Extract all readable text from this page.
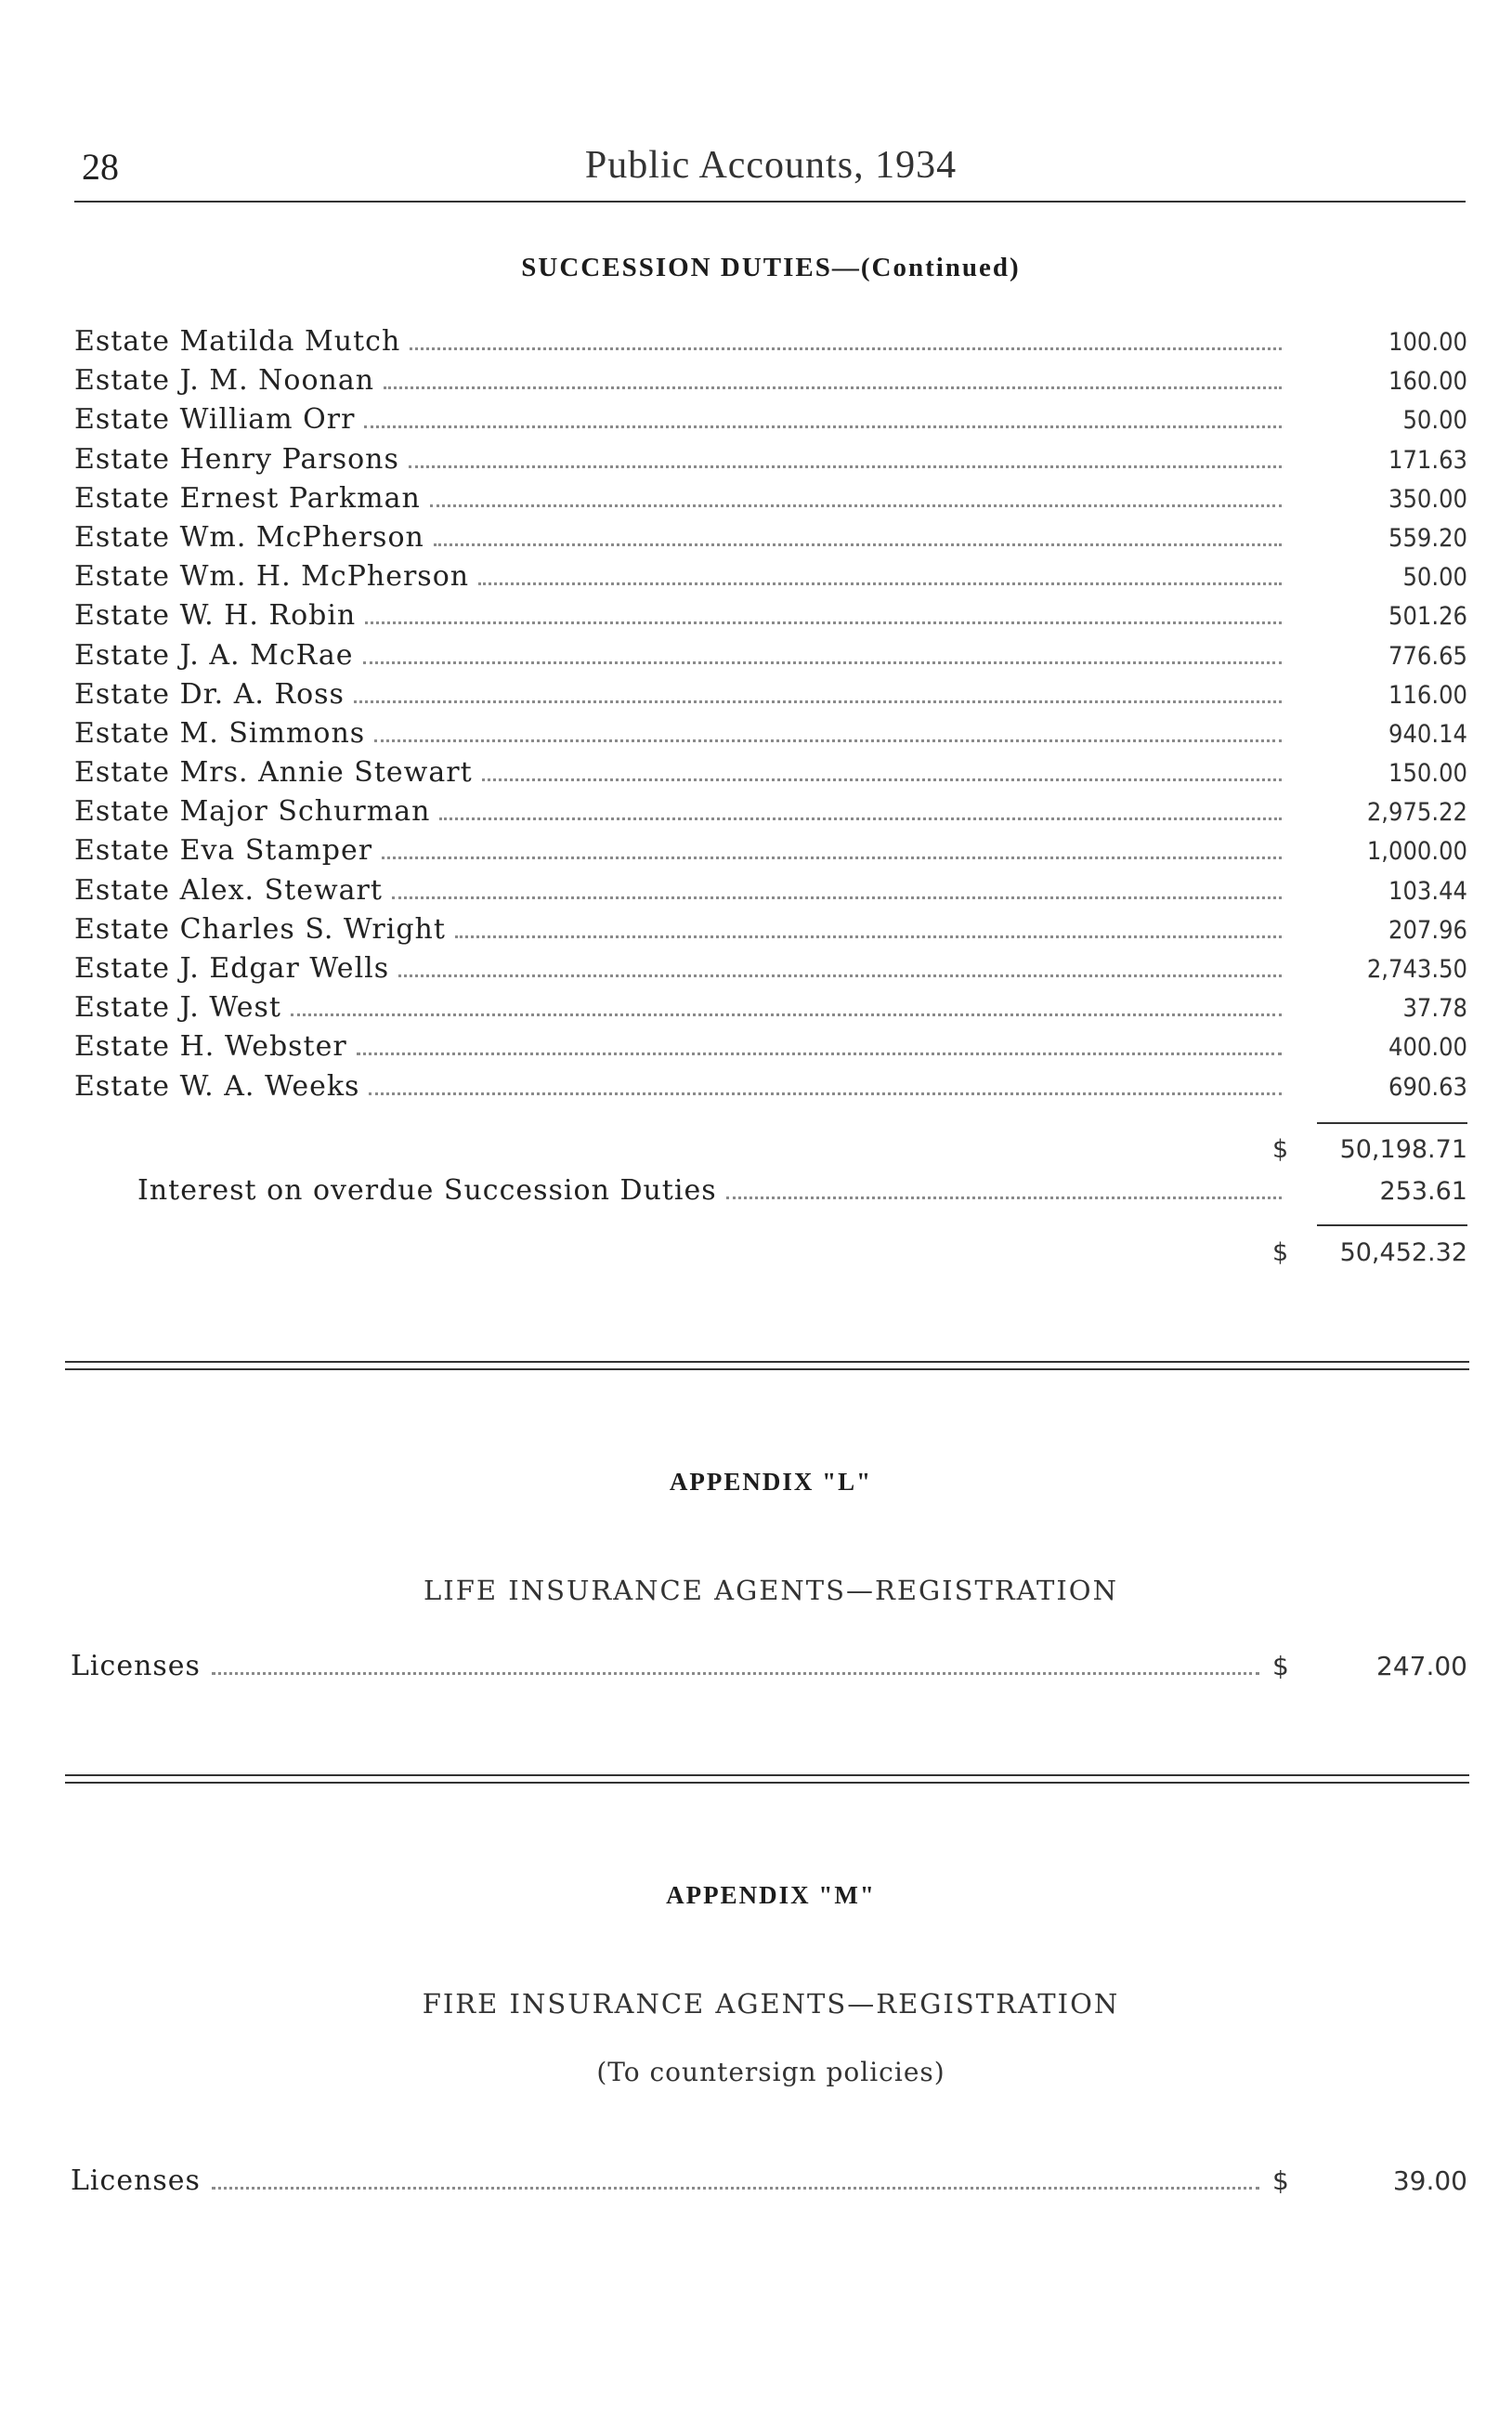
28	Public Accounts, 1934
SUCCESSION DUTIES—(Continued)
Estate Matilda Mutch	100.00
Estate J. M. Noonan	160.00
Estate William Orr	50.00
Estate Henry Parsons	171.63
Estate Ernest Parkman	350.00
Estate Wm. McPherson	559.20
Estate Wm. H. McPherson	50.00
Estate W. H. Robin	501.26
Estate J. A. McRae	776.65
Estate Dr. A. Ross	116.00
Estate M. Simmons	940.14
Estate Mrs. Annie Stewart	150.00
Estate Major Schurman	2,975.22
Estate Eva Stamper	1,000.00
Estate Alex. Stewart	103.44
Estate Charles S. Wright	207.96
Estate J. Edgar Wells	2,743.50
Estate J. West	37.78
Estate H. Webster	400.00
Estate W. A. Weeks	690.63
$	50,198.71
Interest on overdue Succession Duties	253.61
$	50,452.32
APPENDIX "L"
LIFE INSURANCE AGENTS—REGISTRATION
Licenses	$	247.00
APPENDIX "M"
FIRE INSURANCE AGENTS—REGISTRATION
(To countersign policies)
Licenses	$	39.00
